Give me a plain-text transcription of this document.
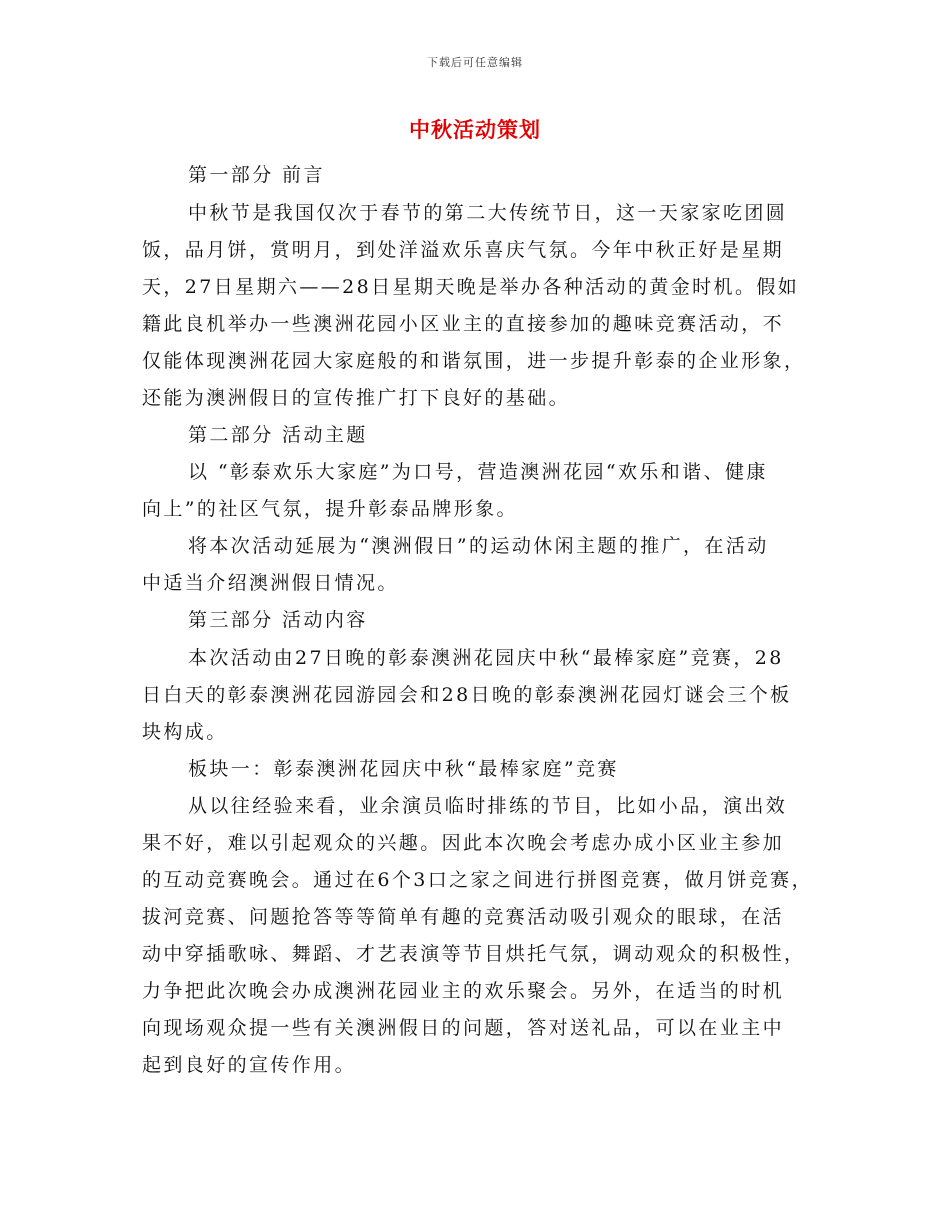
下载后可任意编辑
中秋活动策划
第一部分 前言
中秋节是我国仅次于春节的第二大传统节日，这一天家家吃团圆
饭，品月饼，赏明月，到处洋溢欢乐喜庆气氛。今年中秋正好是星期
天，27日星期六——28日星期天晚是举办各种活动的黄金时机。假如
籍此良机举办一些澳洲花园小区业主的直接参加的趣味竞赛活动，不
仅能体现澳洲花园大家庭般的和谐氛围，进一步提升彰泰的企业形象，
还能为澳洲假日的宣传推广打下良好的基础。
第二部分 活动主题
以 “彰泰欢乐大家庭”为口号，营造澳洲花园“欢乐和谐、健康
向上”的社区气氛，提升彰泰品牌形象。
将本次活动延展为“澳洲假日”的运动休闲主题的推广，在活动
中适当介绍澳洲假日情况。
第三部分 活动内容
本次活动由27日晚的彰泰澳洲花园庆中秋“最棒家庭”竞赛，28
日白天的彰泰澳洲花园游园会和28日晚的彰泰澳洲花园灯谜会三个板
块构成。
板块一：彰泰澳洲花园庆中秋“最棒家庭”竞赛
从以往经验来看，业余演员临时排练的节目，比如小品，演出效
果不好，难以引起观众的兴趣。因此本次晚会考虑办成小区业主参加
的互动竞赛晚会。通过在6个3口之家之间进行拼图竞赛，做月饼竞赛，
拔河竞赛、问题抢答等等简单有趣的竞赛活动吸引观众的眼球，在活
动中穿插歌咏、舞蹈、才艺表演等节目烘托气氛，调动观众的积极性，
力争把此次晚会办成澳洲花园业主的欢乐聚会。另外，在适当的时机
向现场观众提一些有关澳洲假日的问题，答对送礼品，可以在业主中
起到良好的宣传作用。
